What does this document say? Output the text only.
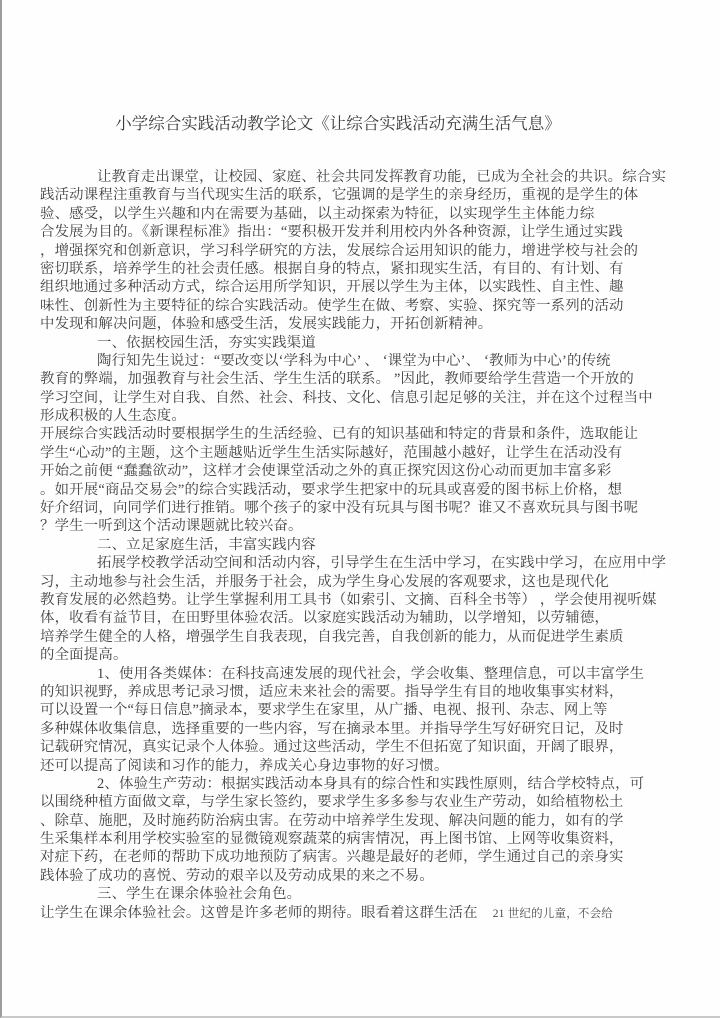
小学综合实践活动教学论文《让综合实践活动充满生活气息》
让教育走出课堂，让校园、家庭、社会共同发挥教育功能，已成为全社会的共识。综合实
践活动课程注重教育与当代现实生活的联系，它强调的是学生的亲身经历，重视的是学生的体
验、感受，以学生兴趣和内在需要为基础，以主动探索为特征，以实现学生主体能力综
合发展为目的。《新课程标准》指出：“要积极开发并利用校内外各种资源，让学生通过实践
，增强探究和创新意识，学习科学研究的方法，发展综合运用知识的能力，增进学校与社会的
密切联系，培养学生的社会责任感。根据自身的特点，紧扣现实生活，有目的、有计划、有
组织地通过多种活动方式，综合运用所学知识，开展以学生为主体，以实践性、自主性、趣
味性、创新性为主要特征的综合实践活动。使学生在做、考察、实验、探究等一系列的活动
中发现和解决问题，体验和感受生活，发展实践能力，开拓创新精神。
一、依据校园生活，夯实实践渠道
陶行知先生说过：“要改变以‘学科为中心’ 、 ‘课堂为中心’、 ‘教师为中心’的传统
教育的弊端，加强教育与社会生活、学生生活的联系。 ”因此，教师要给学生营造一个开放的
学习空间，让学生对自我、自然、社会、科技、文化、信息引起足够的关注，并在这个过程当中
形成积极的人生态度。
开展综合实践活动时要根据学生的生活经验、已有的知识基础和特定的背景和条件，选取能让
学生“心动”的主题，这个主题越贴近学生生活实际越好，范围越小越好，让学生在活动没有
开始之前便 “蠢蠢欲动”，这样才会使课堂活动之外的真正探究因这份心动而更加丰富多彩
。如开展“商品交易会”的综合实践活动，要求学生把家中的玩具或喜爱的图书标上价格，想
好介绍词，向同学们进行推销。哪个孩子的家中没有玩具与图书呢？谁又不喜欢玩具与图书呢
？学生一听到这个活动课题就比较兴奋。
二、立足家庭生活，丰富实践内容
拓展学校教学活动空间和活动内容，引导学生在生活中学习，在实践中学习，在应用中学
习，主动地参与社会生活，并服务于社会，成为学生身心发展的客观要求，这也是现代化
教育发展的必然趋势。让学生掌握利用工具书（如索引、文摘、百科全书等） ，学会使用视听媒
体，收看有益节目，在田野里体验农活。以家庭实践活动为辅助，以学增知，以劳辅德，
培养学生健全的人格，增强学生自我表现，自我完善，自我创新的能力，从而促进学生素质
的全面提高。
1、使用各类媒体：在科技高速发展的现代社会，学会收集、整理信息，可以丰富学生
的知识视野，养成思考记录习惯，适应未来社会的需要。指导学生有目的地收集事实材料，
可以设置一个“每日信息”摘录本，要求学生在家里，从广播、电视、报刊、杂志、网上等
多种媒体收集信息，选择重要的一些内容，写在摘录本里。并指导学生写好研究日记，及时
记载研究情况，真实记录个人体验。通过这些活动，学生不但拓宽了知识面，开阔了眼界，
还可以提高了阅读和习作的能力，养成关心身边事物的好习惯。
2、体验生产劳动：根据实践活动本身具有的综合性和实践性原则，结合学校特点，可
以围绕种植方面做文章，与学生家长签约，要求学生多多参与农业生产劳动，如给植物松土
、除草、施肥，及时施药防治病虫害。在劳动中培养学生发现、解决问题的能力，如有的学
生采集样本利用学校实验室的显微镜观察蔬菜的病害情况，再上图书馆、上网等收集资料，
对症下药，在老师的帮助下成功地预防了病害。兴趣是最好的老师，学生通过自己的亲身实
践体验了成功的喜悦、劳动的艰辛以及劳动成果的来之不易。
三、学生在课余体验社会角色。
让学生在课余体验社会。这曾是许多老师的期待。眼看着这群生活在 21 世纪的儿童，不会给
